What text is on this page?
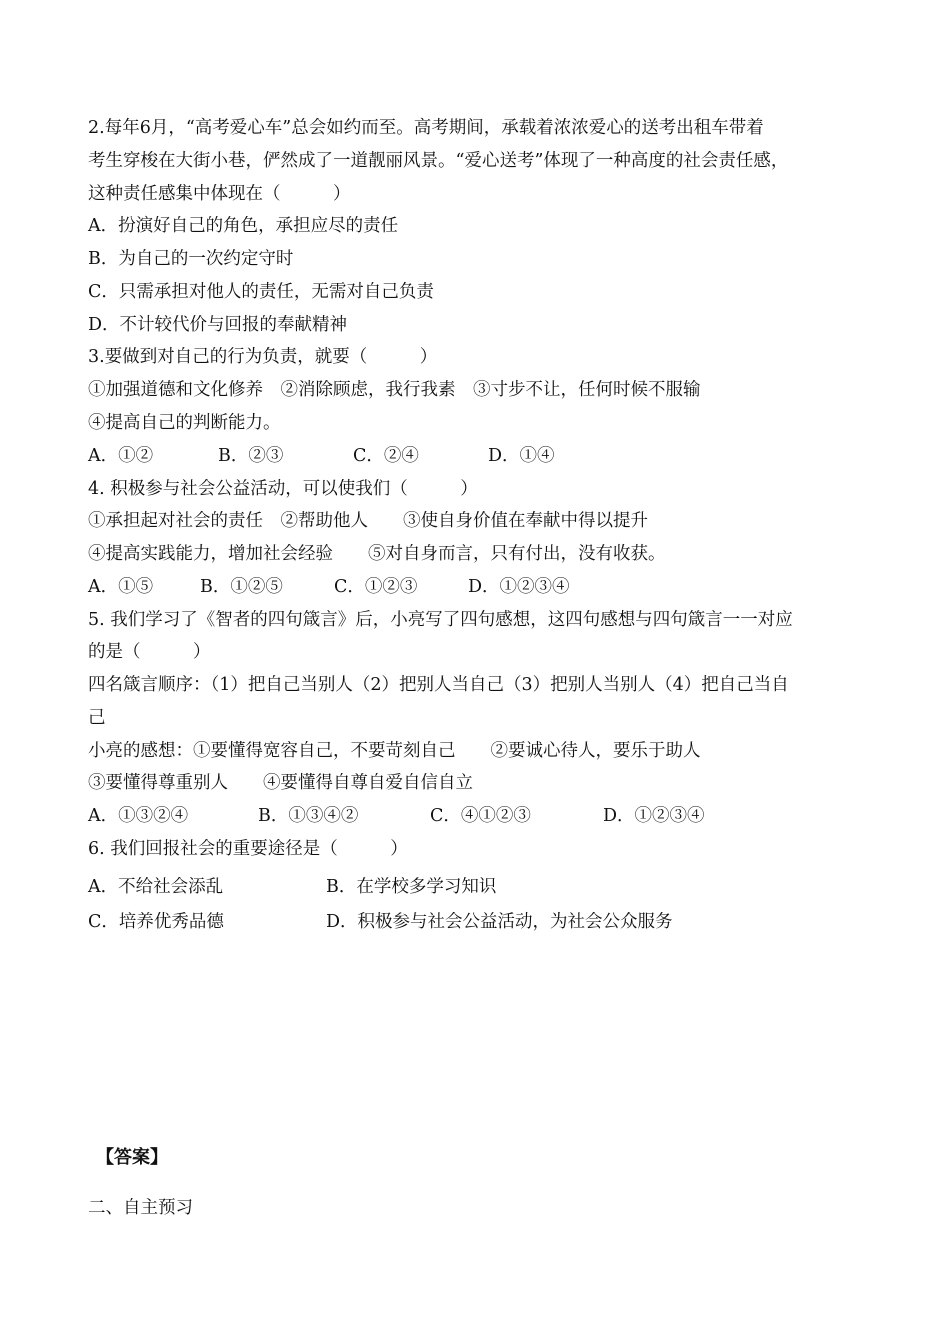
2.每年6月，“高考爱心车”总会如约而至。高考期间，承载着浓浓爱心的送考出租车带着
考生穿梭在大街小巷，俨然成了一道靓丽风景。“爱心送考”体现了一种高度的社会责任感，
这种责任感集中体现在（　　　）
A．扮演好自己的角色，承担应尽的责任
B．为自己的一次约定守时
C．只需承担对他人的责任，无需对自己负责
D．不计较代价与回报的奉献精神
3.要做到对自己的行为负责，就要（　　　）
①加强道德和文化修养　②消除顾虑，我行我素　③寸步不让，任何时候不服输
④提高自己的判断能力。
A．①②	B．②③	C．②④	D．①④
4. 积极参与社会公益活动，可以使我们（　　　）
①承担起对社会的责任　②帮助他人　　③使自身价值在奉献中得以提升
④提高实践能力，增加社会经验　　⑤对自身而言，只有付出，没有收获。
A．①⑤	B．①②⑤	C．①②③	D．①②③④
5. 我们学习了《智者的四句箴言》后，小亮写了四句感想，这四句感想与四句箴言一一对应
的是（　　　）
四名箴言顺序：（1）把自己当别人（2）把别人当自己（3）把别人当别人（4）把自己当自
己
小亮的感想：①要懂得宽容自己，不要苛刻自己　　②要诚心待人，要乐于助人
③要懂得尊重别人　　④要懂得自尊自爱自信自立
A．①③②④	B．①③④②	C．④①②③	D．①②③④
6. 我们回报社会的重要途径是（　　　）
A．不给社会添乱	B．在学校多学习知识
C．培养优秀品德	D．积极参与社会公益活动，为社会公众服务
【答案】
二、自主预习
